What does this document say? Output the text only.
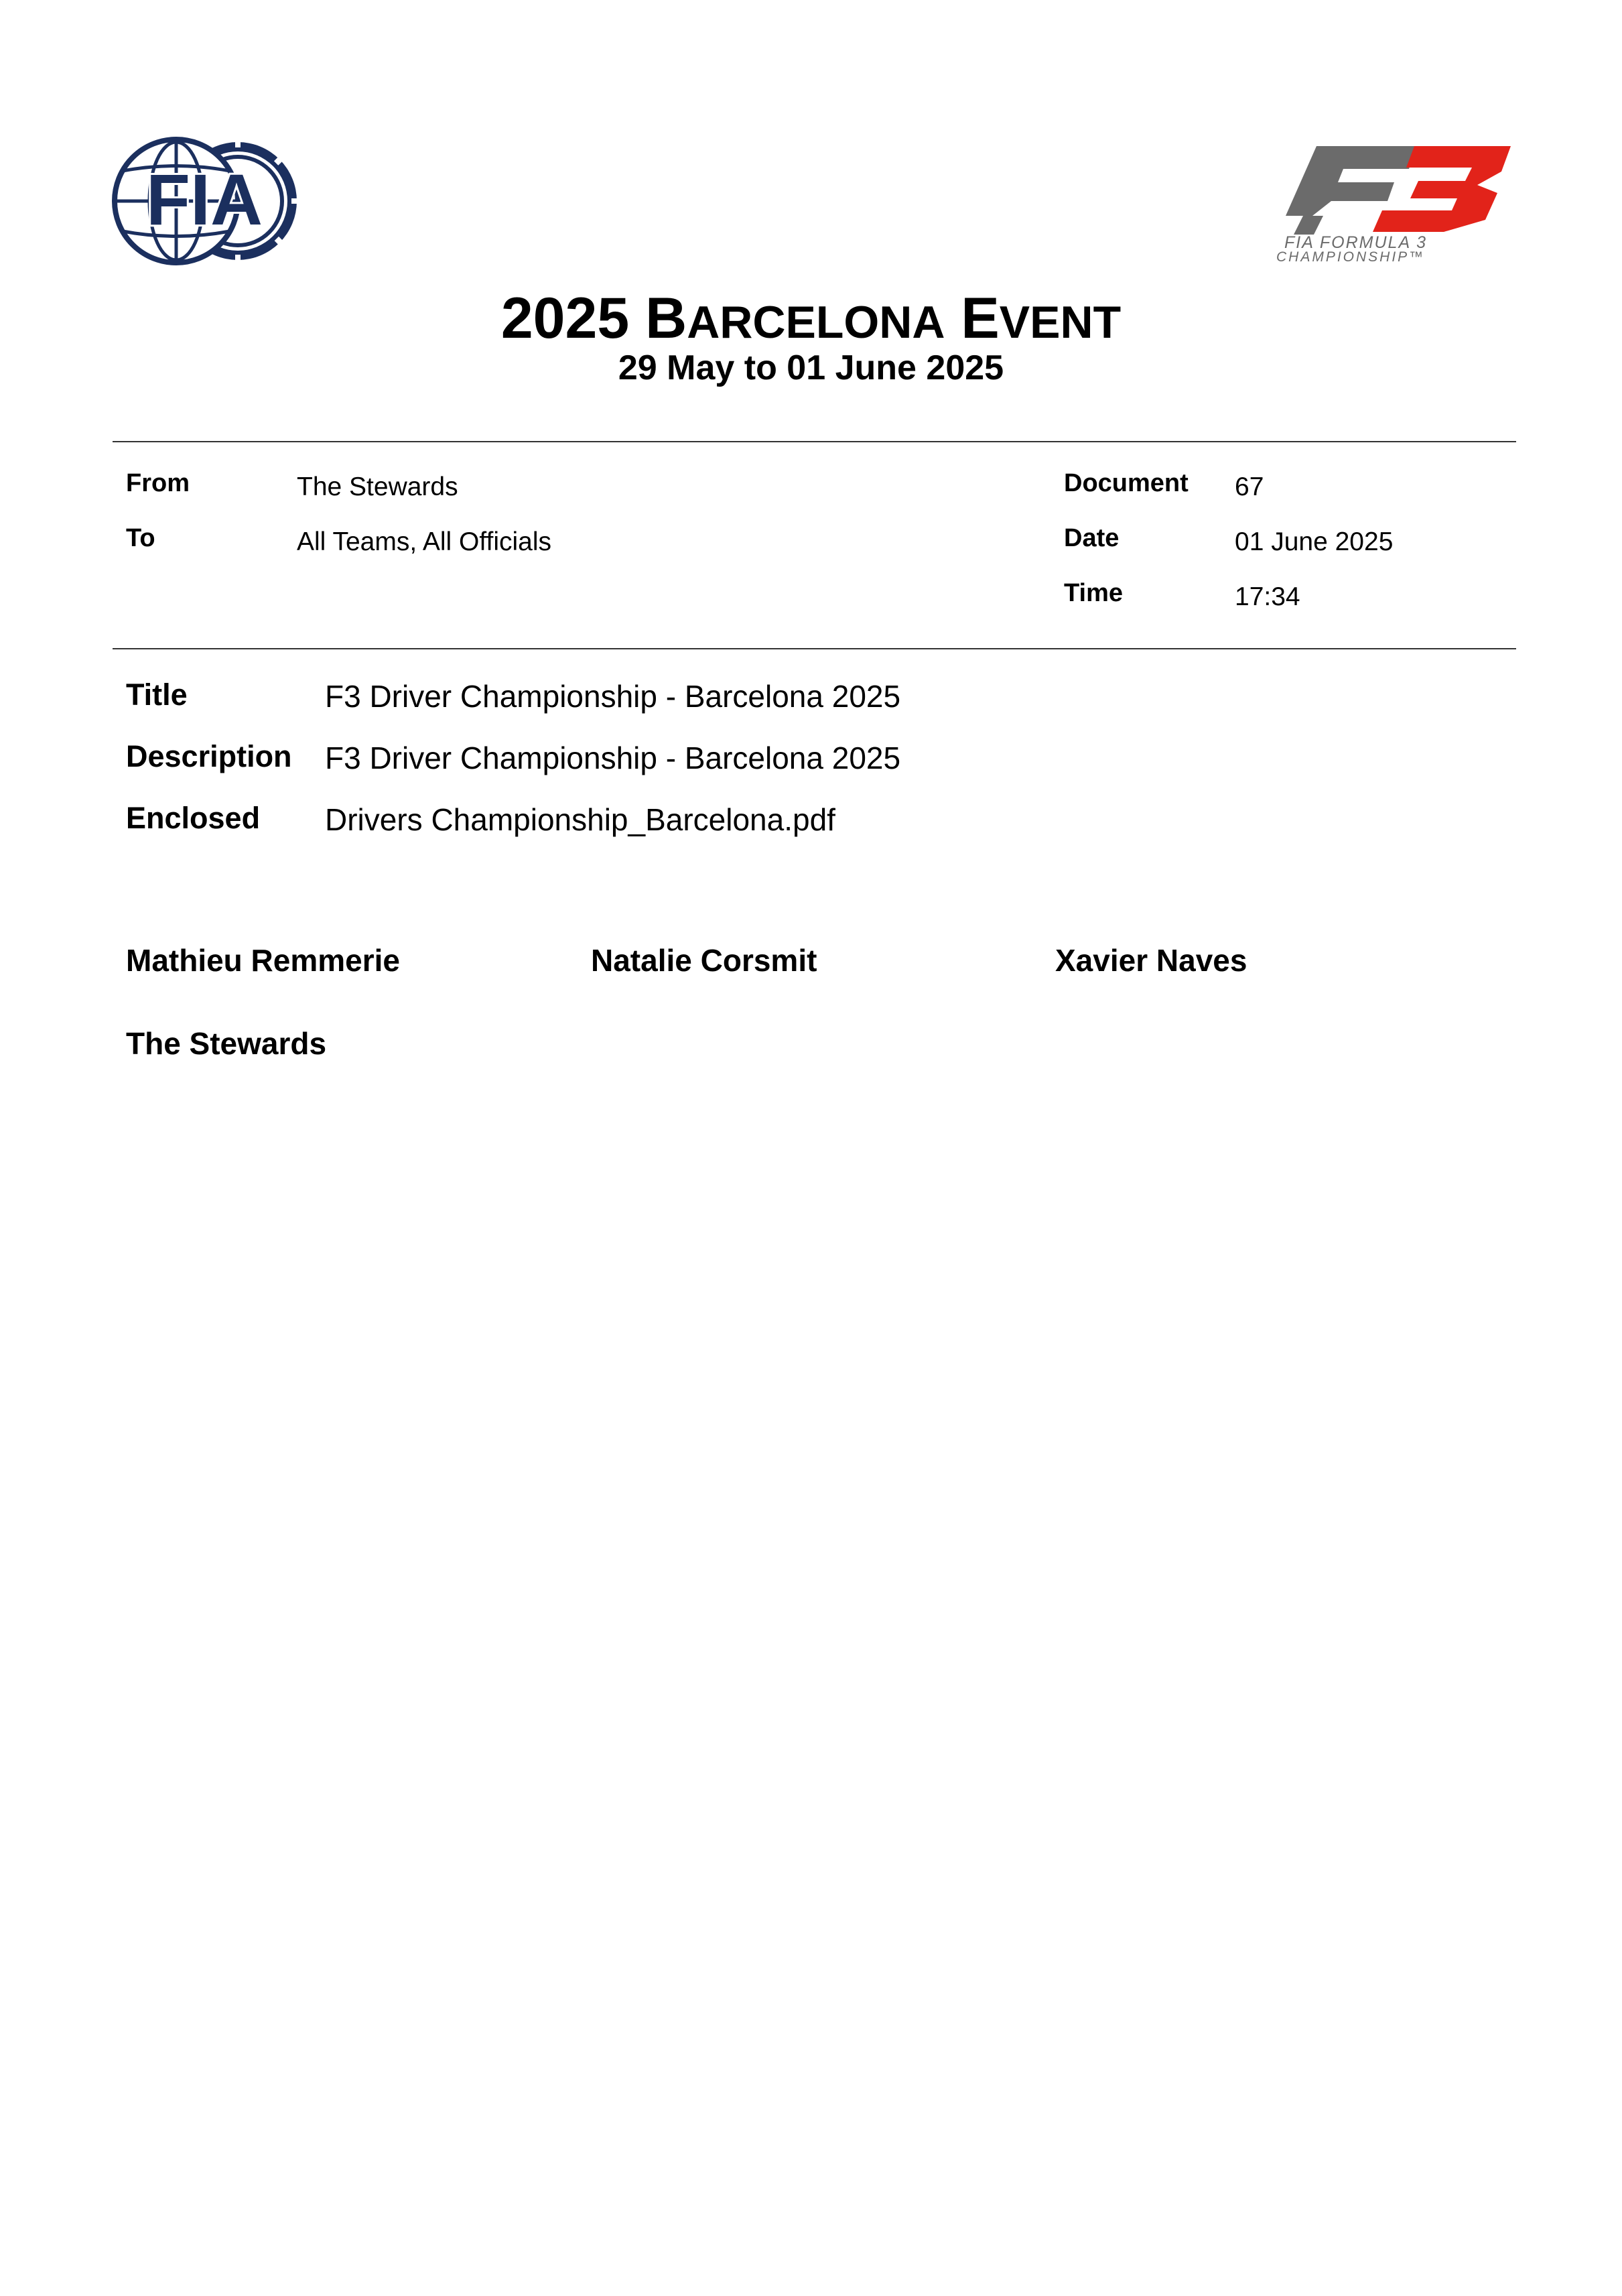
FIA
FIA FORMULA 3
CHAMPIONSHIP™
2025 BARCELONA EVENT
29 May to 01 June 2025
From	The Stewards
To	All Teams, All Officials
Document 67
Date	01 June 2025
Time	17:34
Title	F3 Driver Championship - Barcelona 2025
Description F3 Driver Championship - Barcelona 2025
Enclosed Drivers Championship_Barcelona.pdf
Mathieu Remmerie	Natalie Corsmit	Xavier Naves
The Stewards
